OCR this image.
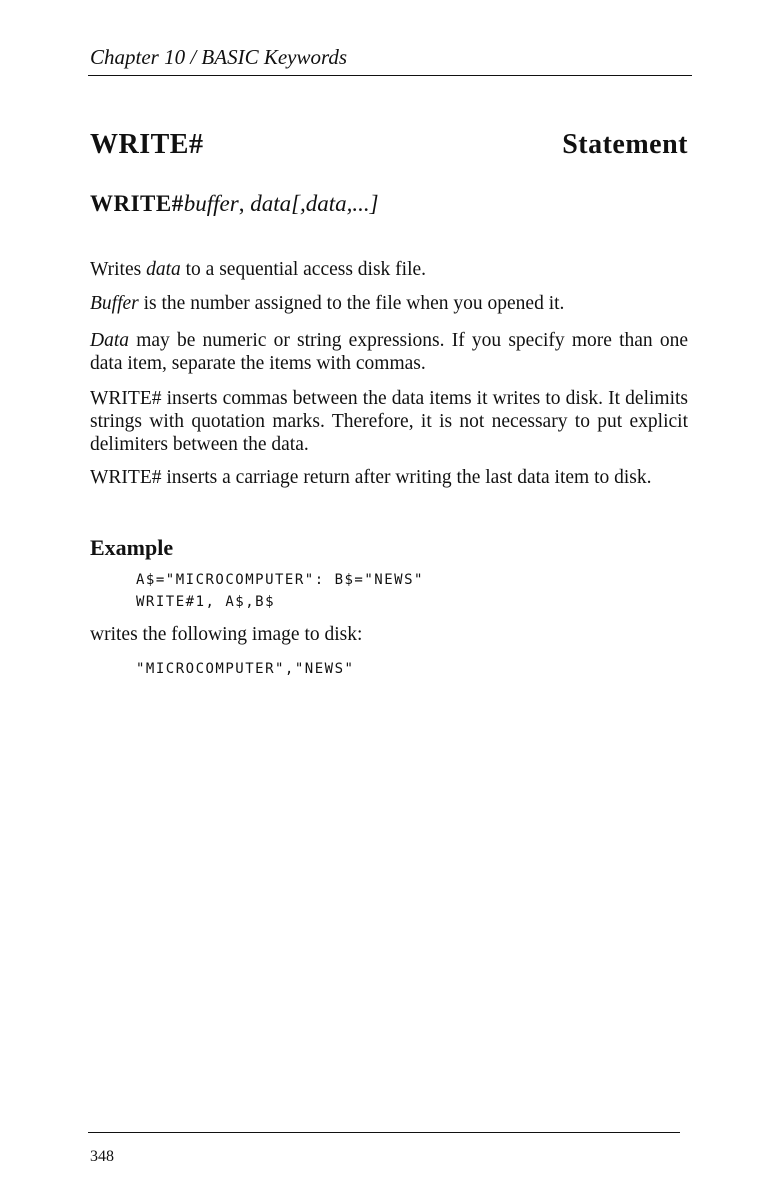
Chapter 10 / BASIC Keywords
WRITE#	Statement
WRITE#buffer, data[,data,...]
Writes data to a sequential access disk file.
Buffer is the number assigned to the file when you opened it.
Data may be numeric or string expressions. If you specify more than one data item, separate the items with commas.
WRITE# inserts commas between the data items it writes to disk. It delimits strings with quotation marks. Therefore, it is not necessary to put explicit delimiters between the data.
WRITE# inserts a carriage return after writing the last data item to disk.
Example
A$="MICROCOMPUTER": B$="NEWS"
WRITE#1, A$,B$
writes the following image to disk:
"MICROCOMPUTER","NEWS"
348
